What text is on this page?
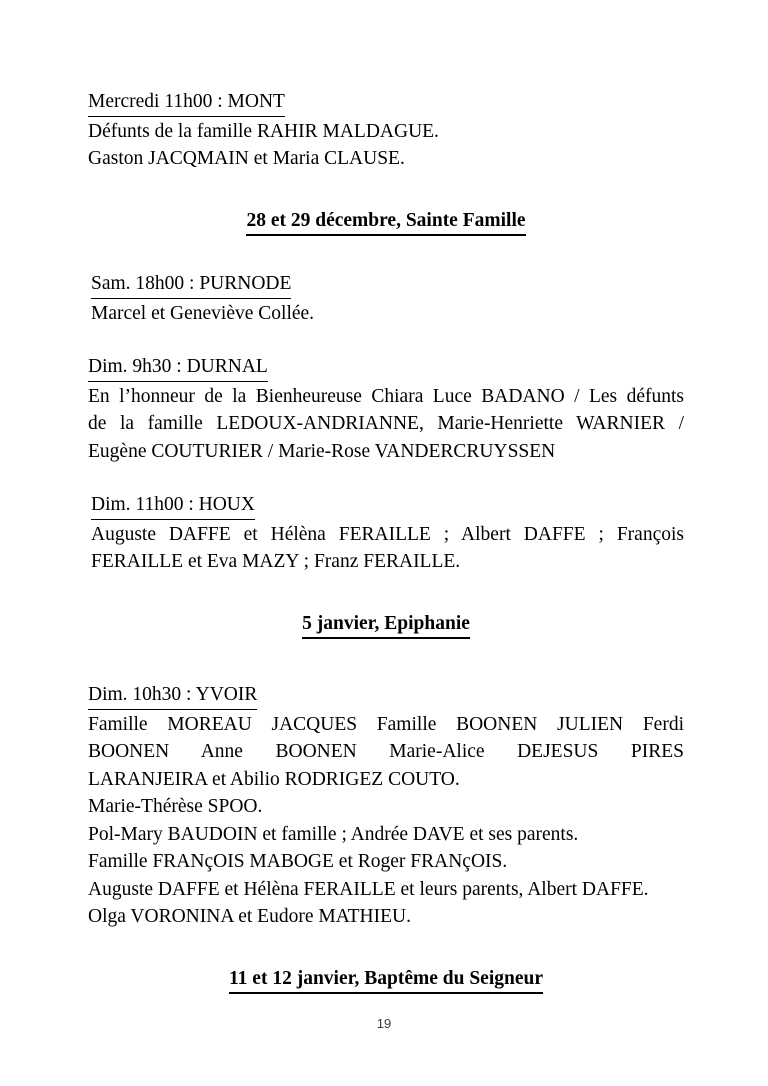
Mercredi 11h00 : MONT
Défunts de la famille RAHIR MALDAGUE.
Gaston JACQMAIN et Maria CLAUSE.
28 et 29 décembre, Sainte Famille
Sam. 18h00 : PURNODE
Marcel et Geneviève Collée.
Dim. 9h30 : DURNAL
En l’honneur de la Bienheureuse Chiara Luce BADANO / Les défunts
de la famille LEDOUX-ANDRIANNE, Marie-Henriette WARNIER /
Eugène COUTURIER / Marie-Rose VANDERCRUYSSEN
Dim. 11h00 : HOUX
Auguste DAFFE et Hélèna FERAILLE ; Albert DAFFE ; François
FERAILLE et Eva MAZY ; Franz FERAILLE.
5 janvier, Epiphanie
Dim. 10h30 : YVOIR
Famille MOREAU JACQUES Famille BOONEN JULIEN Ferdi
BOONEN Anne BOONEN Marie-Alice DEJESUS PIRES
LARANJEIRA et Abilio RODRIGEZ COUTO.
Marie-Thérèse SPOO.
Pol-Mary BAUDOIN et famille ; Andrée DAVE et ses parents.
Famille FRANçOIS MABOGE et Roger FRANçOIS.
Auguste DAFFE et Hélèna FERAILLE et leurs parents, Albert DAFFE.
Olga VORONINA et Eudore MATHIEU.
11 et 12 janvier, Baptême du Seigneur
19
